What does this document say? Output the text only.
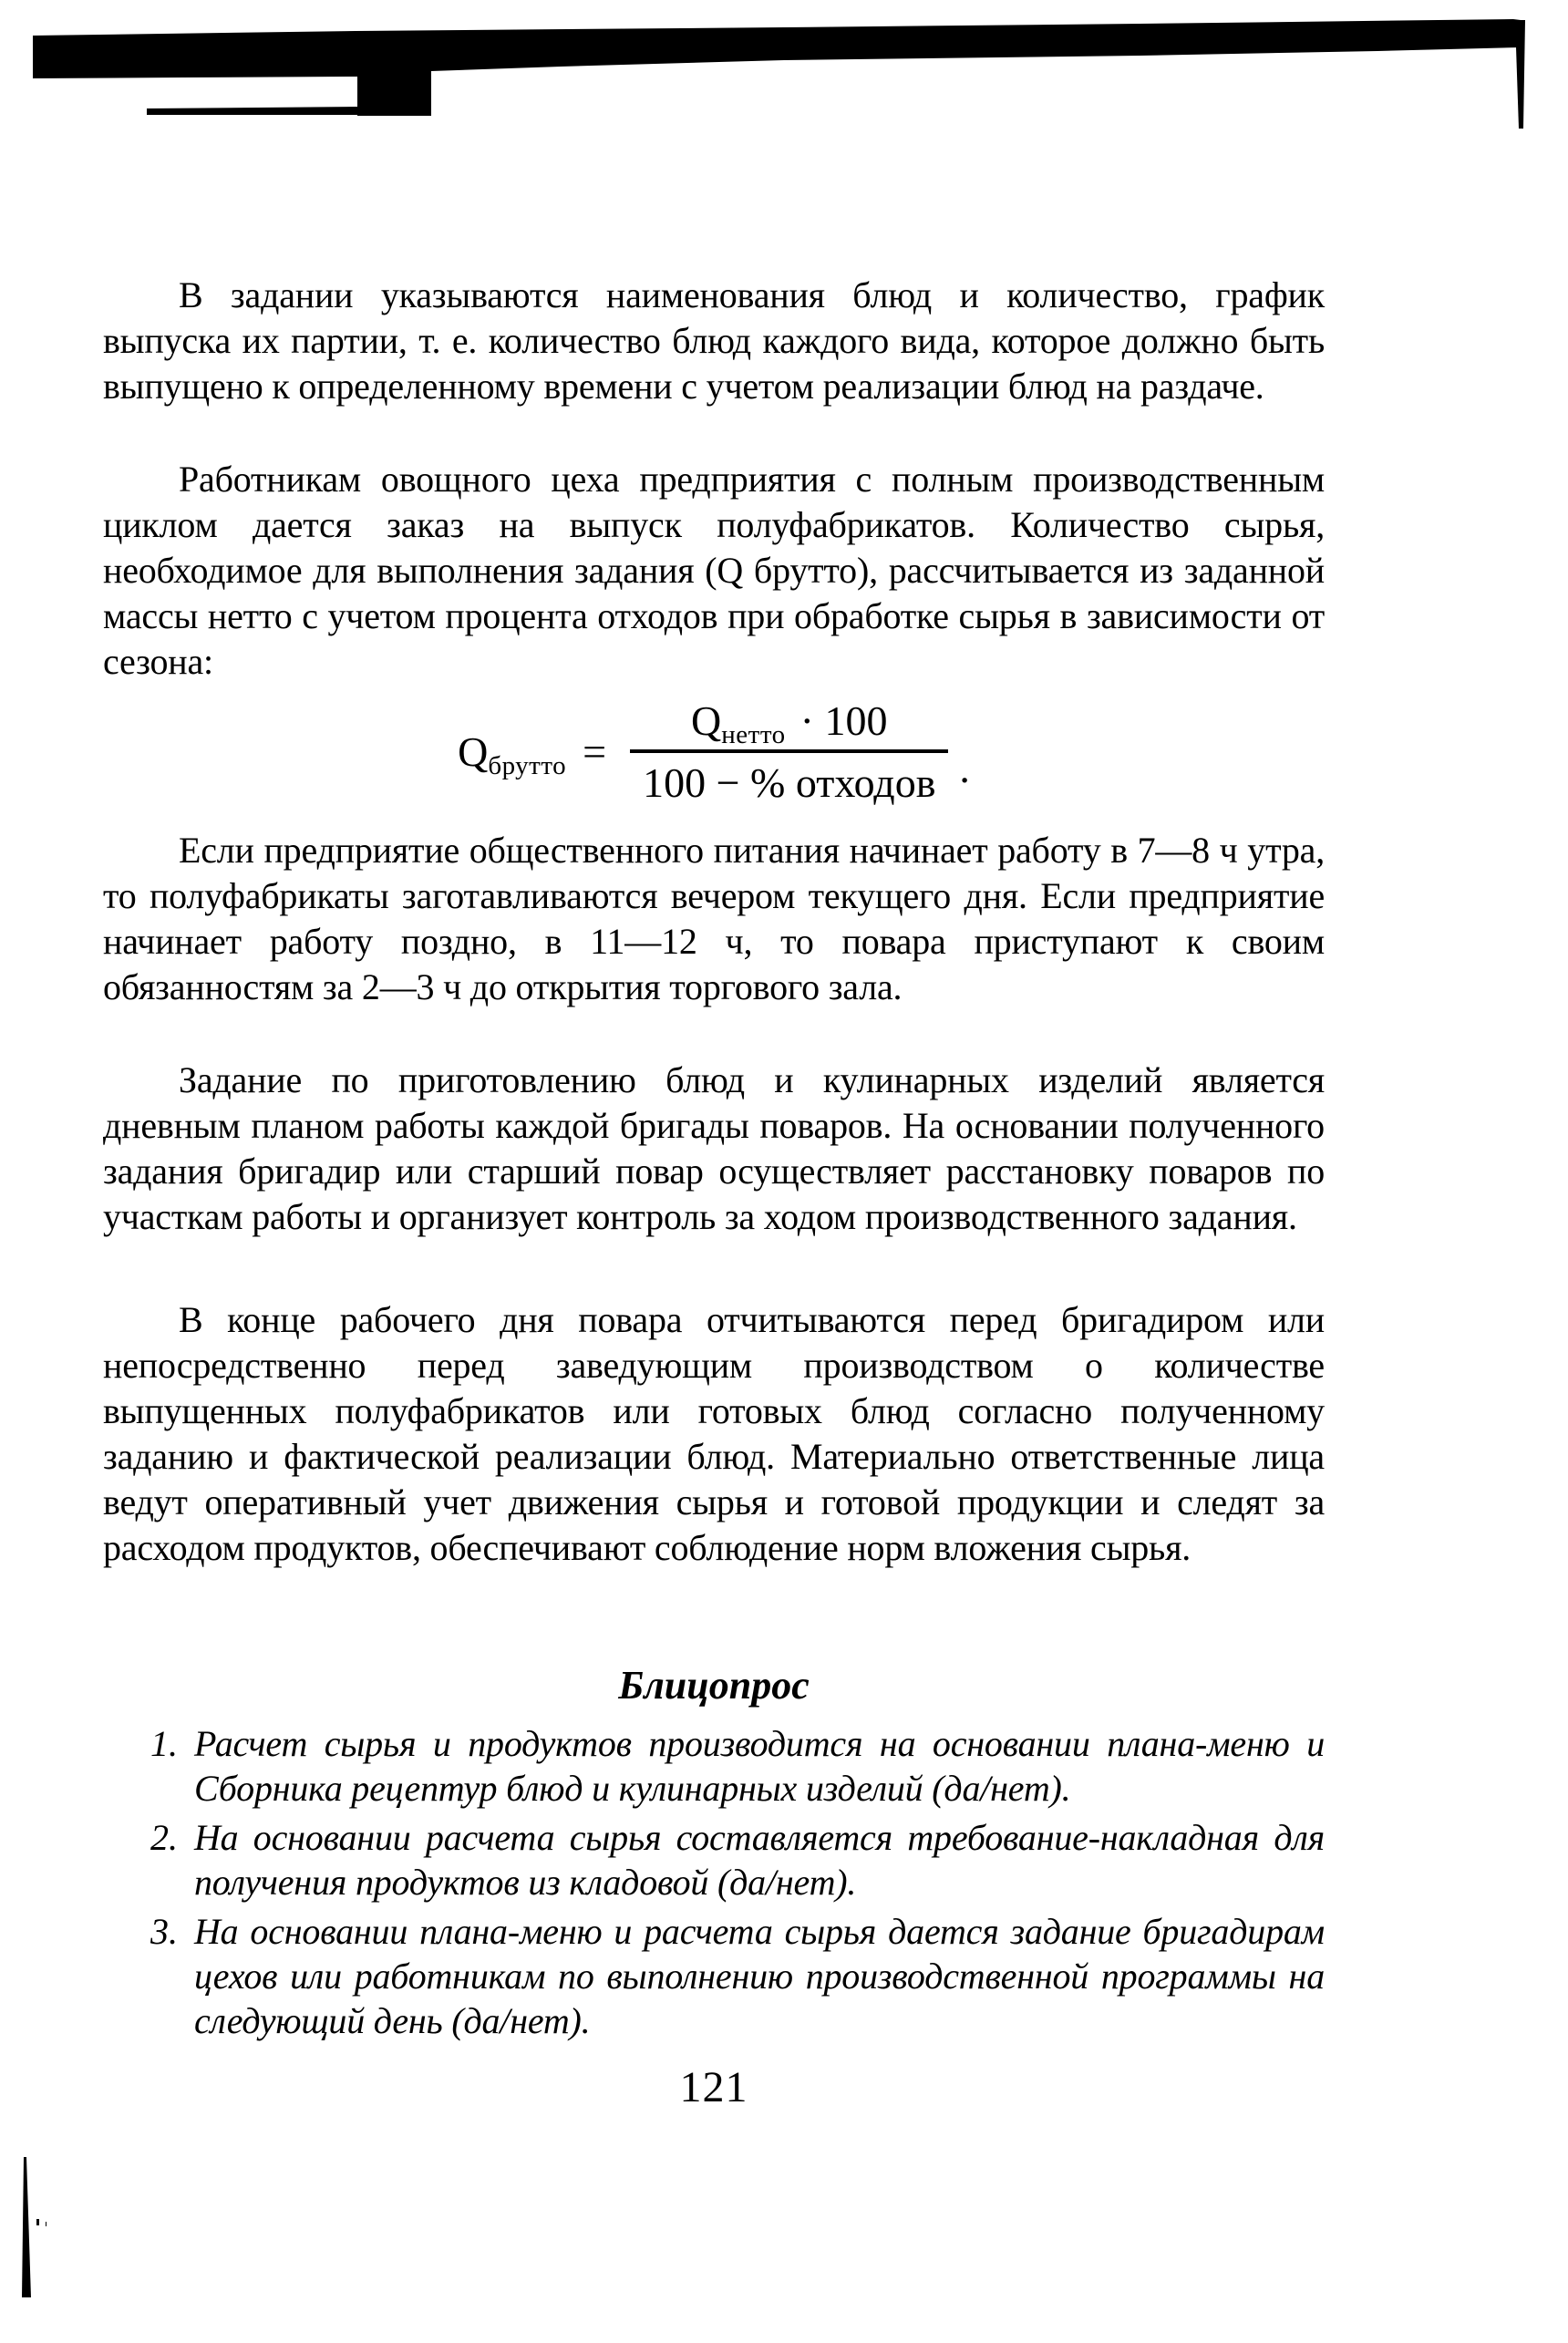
В задании указываются наименования блюд и количество, график выпуска их партии, т. е. количество блюд каждого вида, которое должно быть выпущено к определенному времени с учетом реализации блюд на раздаче.

Работникам овощного цеха предприятия с полным производственным циклом дается заказ на выпуск полуфабрикатов. Количество сырья, необходимое для выполнения задания (Q брутто), рассчитывается из заданной массы нетто с учетом процента отходов при обработке сырья в зависимости от сезона:

Qбрутто = $\frac{\text{Qнетто · 100}}{\text{100 − \% отходов}}$ .

Если предприятие общественного питания начинает работу в 7—8 ч утра, то полуфабрикаты заготавливаются вечером текущего дня. Если предприятие начинает работу поздно, в 11—12 ч, то повара приступают к своим обязанностям за 2—3 ч до открытия торгового зала.

Задание по приготовлению блюд и кулинарных изделий является дневным планом работы каждой бригады поваров. На основании полученного задания бригадир или старший повар осуществляет расстановку поваров по участкам работы и организует контроль за ходом производственного задания.

В конце рабочего дня повара отчитываются перед бригадиром или непосредственно перед заведующим производством о количестве выпущенных полуфабрикатов или готовых блюд согласно полученному заданию и фактической реализации блюд. Материально ответственные лица ведут оперативный учет движения сырья и готовой продукции и следят за расходом продуктов, обеспечивают соблюдение норм вложения сырья.

Блицопрос
1. Расчет сырья и продуктов производится на основании плана-меню и Сборника рецептур блюд и кулинарных изделий (да/нет).
2. На основании расчета сырья составляется требование-накладная для получения продуктов из кладовой (да/нет).
3. На основании плана-меню и расчета сырья дается задание бригадирам цехов или работникам по выполнению производственной программы на следующий день (да/нет).
121
